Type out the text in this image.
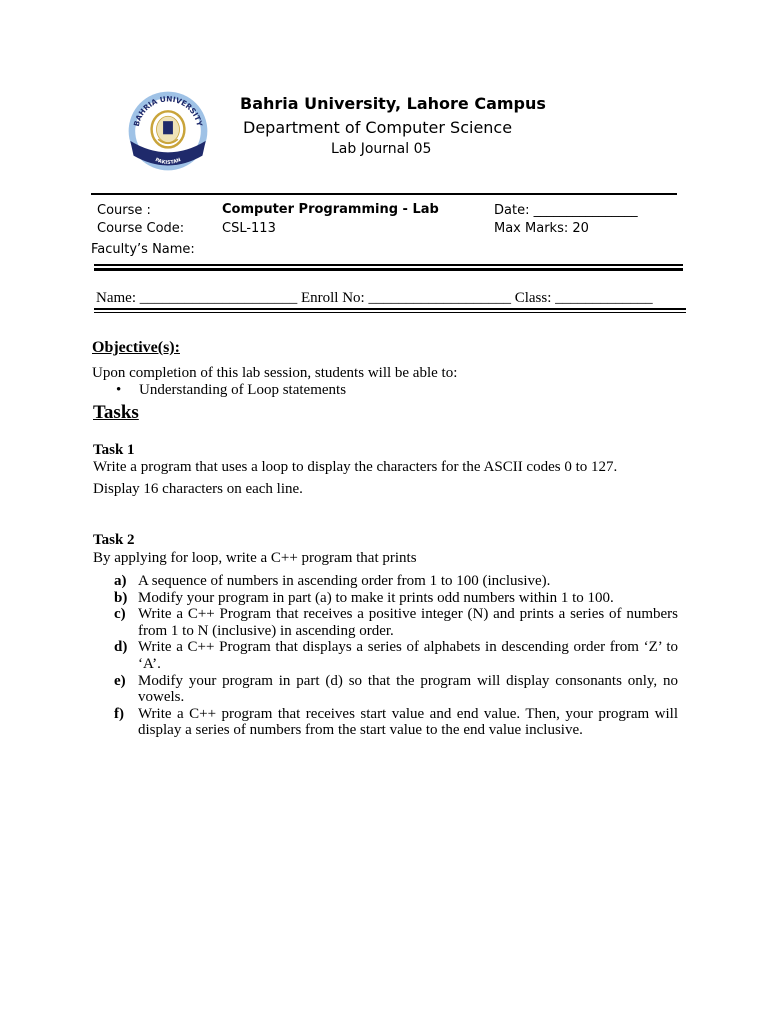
BAHRIA UNIVERSITY
PAKISTAN
Bahria University, Lahore Campus
Department of Computer Science
Lab Journal 05
Course :	Computer Programming - Lab	Date: ________________
Course Code:	CSL-113	Max Marks: 20
Faculty’s Name:
Name: _____________________ Enroll No: ___________________ Class: _____________
Objective(s):
Upon completion of this lab session, students will be able to:
• Understanding of Loop statements
Tasks
Task 1
Write a program that uses a loop to display the characters for the ASCII codes 0 to 127.
Display 16 characters on each line.
Task 2
By applying for loop, write a C++ program that prints
a) A sequence of numbers in ascending order from 1 to 100 (inclusive).
b) Modify your program in part (a) to make it prints odd numbers within 1 to 100.
c) Write a C++ Program that receives a positive integer (N) and prints a series of numbers from 1 to N (inclusive) in ascending order.
d) Write a C++ Program that displays a series of alphabets in descending order from ‘Z’ to ‘A’.
e) Modify your program in part (d) so that the program will display consonants only, no vowels.
f) Write a C++ program that receives start value and end value. Then, your program will display a series of numbers from the start value to the end value inclusive.
